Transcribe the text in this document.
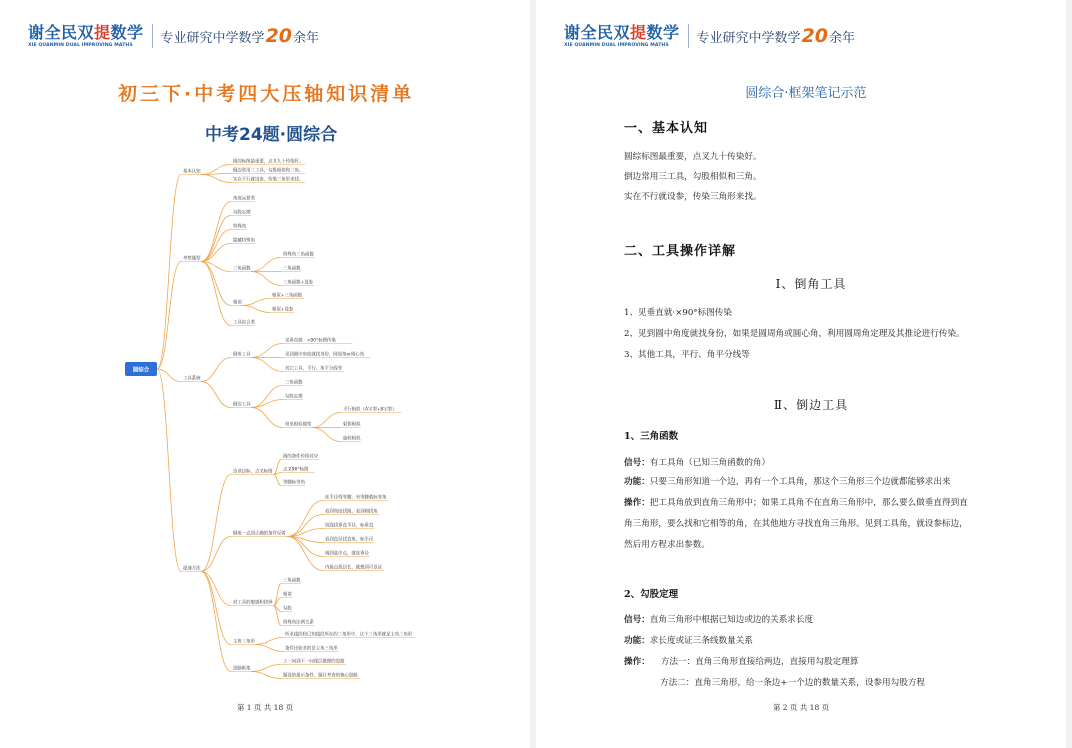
谢全民双提数学
XIE QUANMIN DUAL IMPROVING MATHS	专业研究中学数学 20 余年
初三下·中考四大压轴知识清单
中考24题·圆综合
圆综合
基本认知
考察题型
工具系统
提速方法
圆综标图最重要，点叉九十传染好。
倒边常用三工具，勾股相似和三角。
实在不行就设参，传染三角形来找。
角度运算类
勾股定理
特殊角
隐藏特殊角
三角函数
相似
工具综合类
特殊角三角函数
三角函数
三角函数+设参
相似+三角函数
相似+设参
倒角工具
倒边工具
见垂直就 · ×90°标图传染
见到圆中角度就找身份，圆周角or圆心角
其它工具，平行、角平分线等
三角函数
勾股定理
常见相似模型
平行相似（A字型+8字型）
射影相似
旋转相似
边读边标，点叉标图
倒角一点到正确的条件反射
对工具的敏感和抉择
主角三角形
思路框架
圆的条件传给对应
点叉90°标图
等腰标等角
连半径得等腰，有等腰就标等角
看到角度找圆，看到圆找角
切线找垂直半径，标垂直
看到直径找直角，标半径
遇到弦中点，就连垂径
内接点找边长，就想到可以证
三角函数
相似
勾股
特殊角比例关系
所求线段和已知线段所在的三角形中，这个三角形就是主角三角形
条件比较多的是主角三角形
上一问到下一问逐层推理的思路
题设的提示条件，题目考查的核心思路
第 1 页 共 18 页
谢全民双提数学
XIE QUANMIN DUAL IMPROVING MATHS	专业研究中学数学 20 余年
圆综合·框架笔记示范
一、基本认知
圆综标图最重要，点叉九十传染好。
倒边常用三工具，勾股相似和三角。
实在不行就设参，传染三角形来找。
二、工具操作详解
Ⅰ、倒角工具
1、见垂直就·×90°标图传染
2、见到圆中角度就找身份，如果是圆周角或圆心角，利用圆周角定理及其推论进行传染。
3、其他工具，平行、角平分线等
Ⅱ、倒边工具
1、三角函数
信号：有工具角（已知三角函数的角）
功能：只要三角形知道一个边，再有一个工具角，那这个三角形三个边就都能够求出来
操作：把工具角放到直角三角形中；如果工具角不在直角三角形中，那么要么做垂直得到直
角三角形，要么找和它相等的角，在其他地方寻找直角三角形。见到工具角，就设参标边，
然后用方程求出参数。
2、勾股定理
信号：直角三角形中根据已知边或边的关系求长度
功能：求长度或证三条线数量关系
操作： 方法一：直角三角形直接给两边，直接用勾股定理算
方法二：直角三角形，给一条边+一个边的数量关系，设参用勾股方程
第 2 页 共 18 页
